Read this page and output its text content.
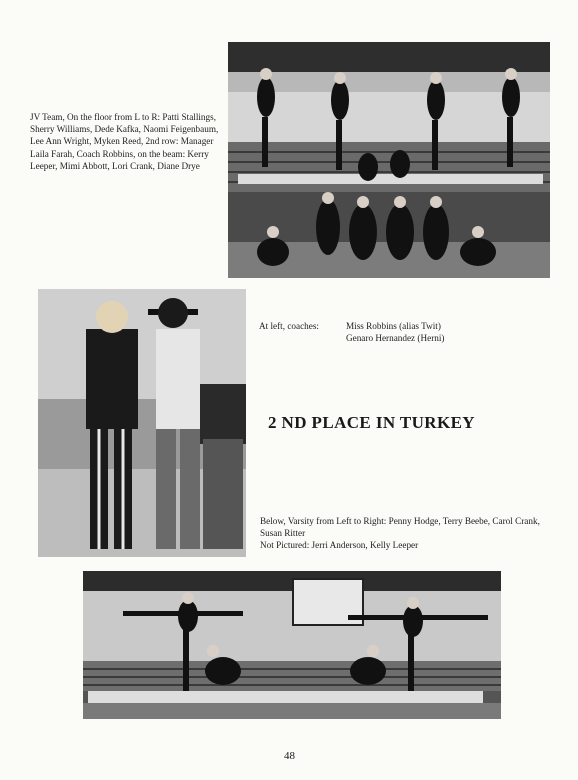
JV Team, On the floor from L to R: Patti Stallings, Sherry Williams, Dede Kafka, Naomi Feigenbaum, Lee Ann Wright, Myken Reed, 2nd row: Manager Laila Farah, Coach Robbins, on the beam: Kerry Leeper, Mimi Abbott, Lori Crank, Diane Drye
At left, coaches:	Miss Robbins (alias Twit)
Genaro Hernandez (Herni)
2 ND PLACE IN TURKEY
Below, Varsity from Left to Right: Penny Hodge, Terry Beebe, Carol Crank, Susan Ritter
Not Pictured: Jerri Anderson, Kelly Leeper
48
